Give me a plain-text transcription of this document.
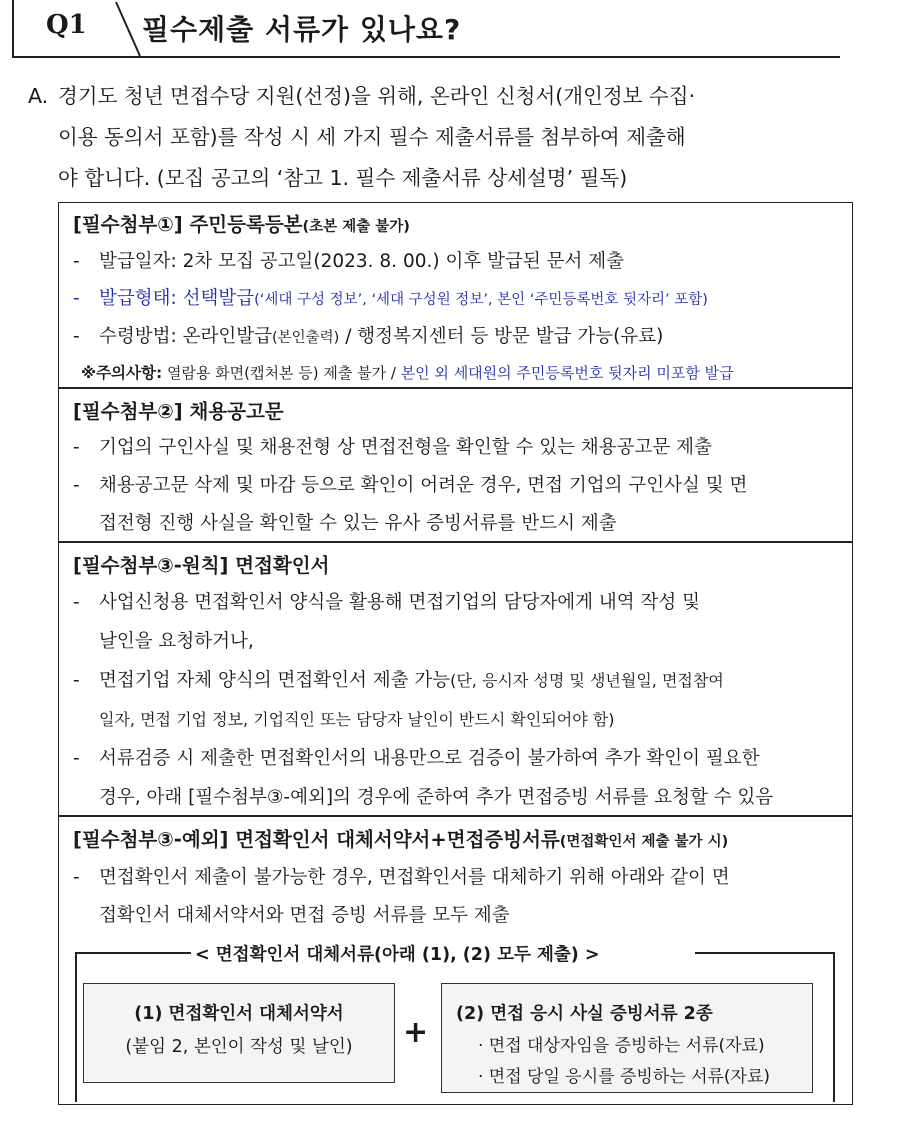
Q1 필수제출 서류가 있나요?
A. 경기도 청년 면접수당 지원(선정)을 위해, 온라인 신청서(개인정보 수집·
이용 동의서 포함)를 작성 시 세 가지 필수 제출서류를 첨부하여 제출해
야 합니다. (모집 공고의 ‘참고 1. 필수 제출서류 상세설명’ 필독)
[필수첨부①] 주민등록등본(초본 제출 불가)
- 발급일자: 2차 모집 공고일(2023. 8. 00.) 이후 발급된 문서 제출
- 발급형태: 선택발급(‘세대 구성 정보’, ‘세대 구성원 정보’, 본인 ‘주민등록번호 뒷자리’ 포함)
- 수령방법: 온라인발급(본인출력) / 행정복지센터 등 방문 발급 가능(유료)
※주의사항: 열람용 화면(캡처본 등) 제출 불가 / 본인 외 세대원의 주민등록번호 뒷자리 미포함 발급
[필수첨부②] 채용공고문
- 기업의 구인사실 및 채용전형 상 면접전형을 확인할 수 있는 채용공고문 제출
- 채용공고문 삭제 및 마감 등으로 확인이 어려운 경우, 면접 기업의 구인사실 및 면
접전형 진행 사실을 확인할 수 있는 유사 증빙서류를 반드시 제출
[필수첨부③-원칙] 면접확인서
- 사업신청용 면접확인서 양식을 활용해 면접기업의 담당자에게 내역 작성 및
날인을 요청하거나,
- 면접기업 자체 양식의 면접확인서 제출 가능(단, 응시자 성명 및 생년월일, 면접참여
일자, 면접 기업 정보, 기업직인 또는 담당자 날인이 반드시 확인되어야 함)
- 서류검증 시 제출한 면접확인서의 내용만으로 검증이 불가하여 추가 확인이 필요한
경우, 아래 [필수첨부③-예외]의 경우에 준하여 추가 면접증빙 서류를 요청할 수 있음
[필수첨부③-예외] 면접확인서 대체서약서+면접증빙서류(면접확인서 제출 불가 시)
- 면접확인서 제출이 불가능한 경우, 면접확인서를 대체하기 위해 아래와 같이 면
접확인서 대체서약서와 면접 증빙 서류를 모두 제출
< 면접확인서 대체서류(아래 (1), (2) 모두 제출) >
(1) 면접확인서 대체서약서
(붙임 2, 본인이 작성 및 날인)	+
(2) 면접 응시 사실 증빙서류 2종
· 면접 대상자임을 증빙하는 서류(자료)
· 면접 당일 응시를 증빙하는 서류(자료)
